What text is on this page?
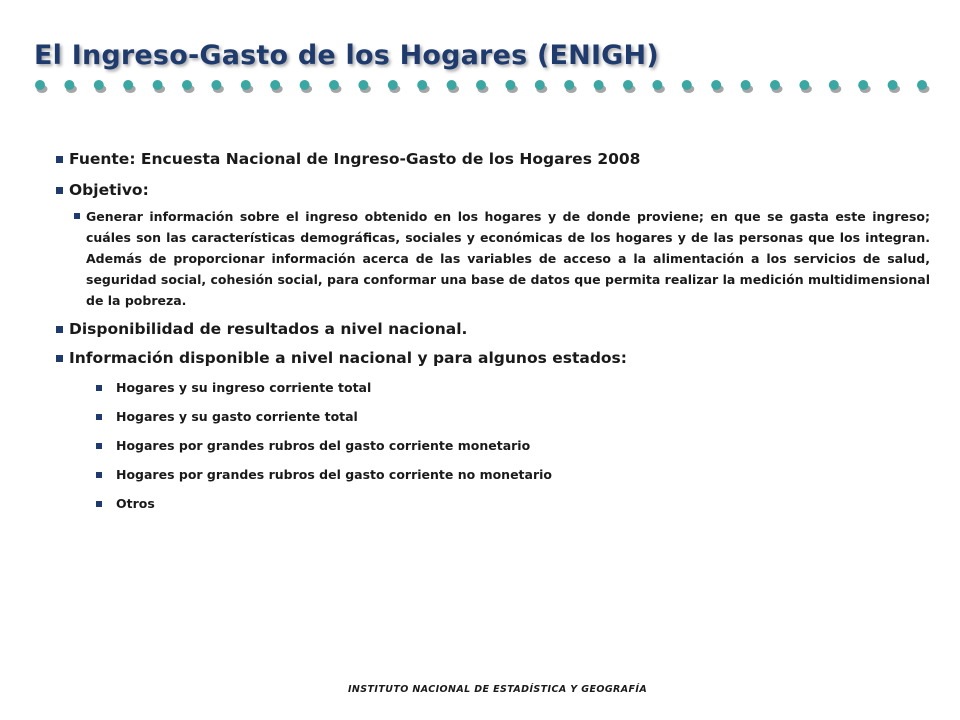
El Ingreso-Gasto de los Hogares (ENIGH)
Fuente: Encuesta Nacional de Ingreso-Gasto de los Hogares 2008
Objetivo:
Generar información sobre el ingreso obtenido en los hogares y de donde proviene; en que se gasta este ingreso; cuáles son las características demográficas, sociales y económicas de los hogares y de las personas que los integran. Además de proporcionar información acerca de las variables de acceso a la alimentación a los servicios de salud, seguridad social, cohesión social, para conformar una base de datos que permita realizar la medición multidimensional de la pobreza.
Disponibilidad de resultados a nivel nacional.
Información disponible a nivel nacional y para algunos estados:
Hogares y su ingreso corriente total
Hogares y su gasto corriente total
Hogares por grandes rubros del gasto corriente monetario
Hogares por grandes rubros del gasto corriente no monetario
Otros
INSTITUTO NACIONAL DE ESTADÍSTICA Y GEOGRAFÍA
